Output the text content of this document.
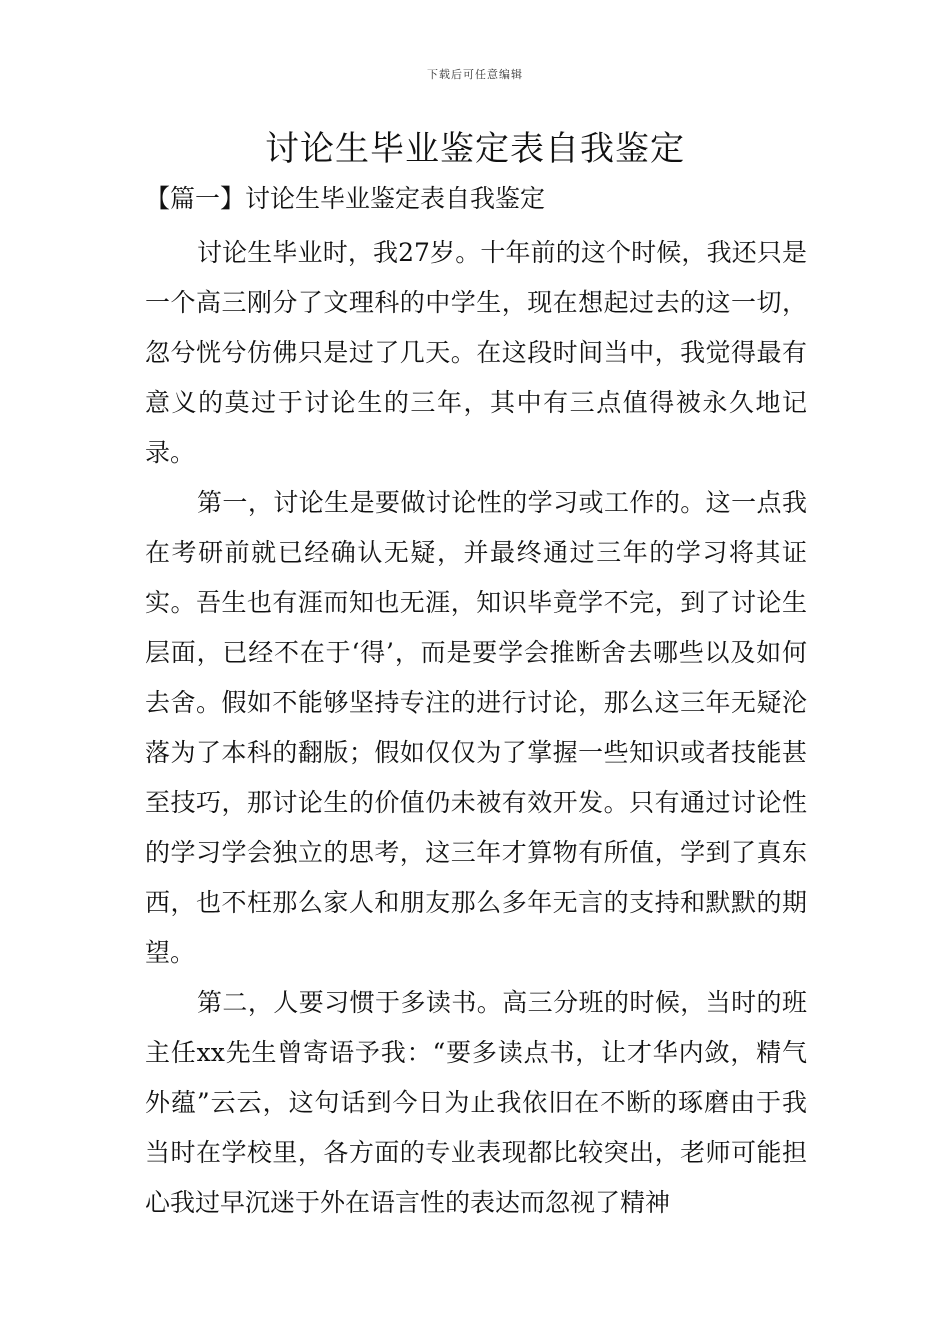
下载后可任意编辑
讨论生毕业鉴定表自我鉴定
【篇一】讨论生毕业鉴定表自我鉴定

讨论生毕业时，我27岁。十年前的这个时候，我还只是一个高三刚分了文理科的中学生，现在想起过去的这一切，忽兮恍兮仿佛只是过了几天。在这段时间当中，我觉得最有意义的莫过于讨论生的三年，其中有三点值得被永久地记录。

第一，讨论生是要做讨论性的学习或工作的。这一点我在考研前就已经确认无疑，并最终通过三年的学习将其证实。吾生也有涯而知也无涯，知识毕竟学不完，到了讨论生层面，已经不在于‘得’，而是要学会推断舍去哪些以及如何去舍。假如不能够坚持专注的进行讨论，那么这三年无疑沦落为了本科的翻版；假如仅仅为了掌握一些知识或者技能甚至技巧，那讨论生的价值仍未被有效开发。只有通过讨论性的学习学会独立的思考，这三年才算物有所值，学到了真东西，也不枉那么家人和朋友那么多年无言的支持和默默的期望。

第二，人要习惯于多读书。高三分班的时候，当时的班主任xx先生曾寄语予我：“要多读点书，让才华内敛，精气外蕴”云云，这句话到今日为止我依旧在不断的琢磨由于我当时在学校里，各方面的专业表现都比较突出，老师可能担心我过早沉迷于外在语言性的表达而忽视了精神
